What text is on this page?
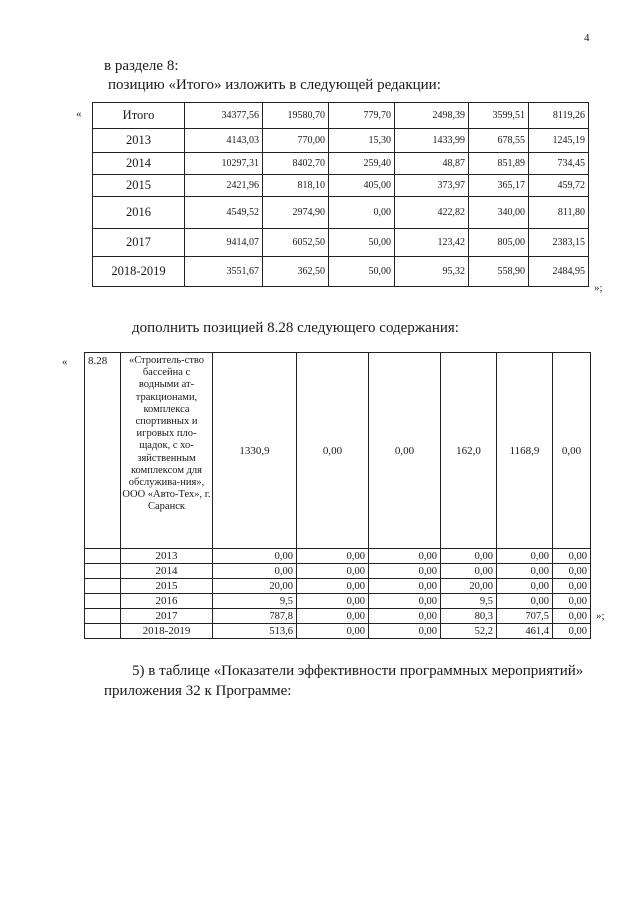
4
в разделе 8:
позицию «Итого» изложить в следующей редакции:
«	Итого	34377,56	19580,70	779,70	2498,39	3599,51	8119,26
2013	4143,03	770,00	15,30	1433,99	678,55	1245,19
2014	10297,31	8402,70	259,40	48,87	851,89	734,45
2015	2421,96	818,10	405,00	373,97	365,17	459,72
2016	4549,52	2974,90	0,00	422,82	340,00	811,80
2017	9414,07	6052,50	50,00	123,42	805,00	2383,15
2018-2019	3551,67	362,50	50,00	95,32	558,90	2484,95
»;
дополнить позицией 8.28 следующего содержания:
« 8.28	«Строитель-ство бассейна с водными ат-тракционами, комплекса спортивных и игровых пло-щадок, с хо-зяйственным комплексом для обслужива-ния», ООО «Авто-Тех», г. Саранск	1330,9	0,00	0,00	162,0	1168,9	0,00
	2013	0,00	0,00	0,00	0,00	0,00	0,00
	2014	0,00	0,00	0,00	0,00	0,00	0,00
	2015	20,00	0,00	0,00	20,00	0,00	0,00
	2016	9,5	0,00	0,00	9,5	0,00	0,00
	2017	787,8	0,00	0,00	80,3	707,5	0,00
	2018-2019	513,6	0,00	0,00	52,2	461,4	0,00
»;
5) в таблице «Показатели эффективности программных мероприятий»
приложения 32 к Программе:
